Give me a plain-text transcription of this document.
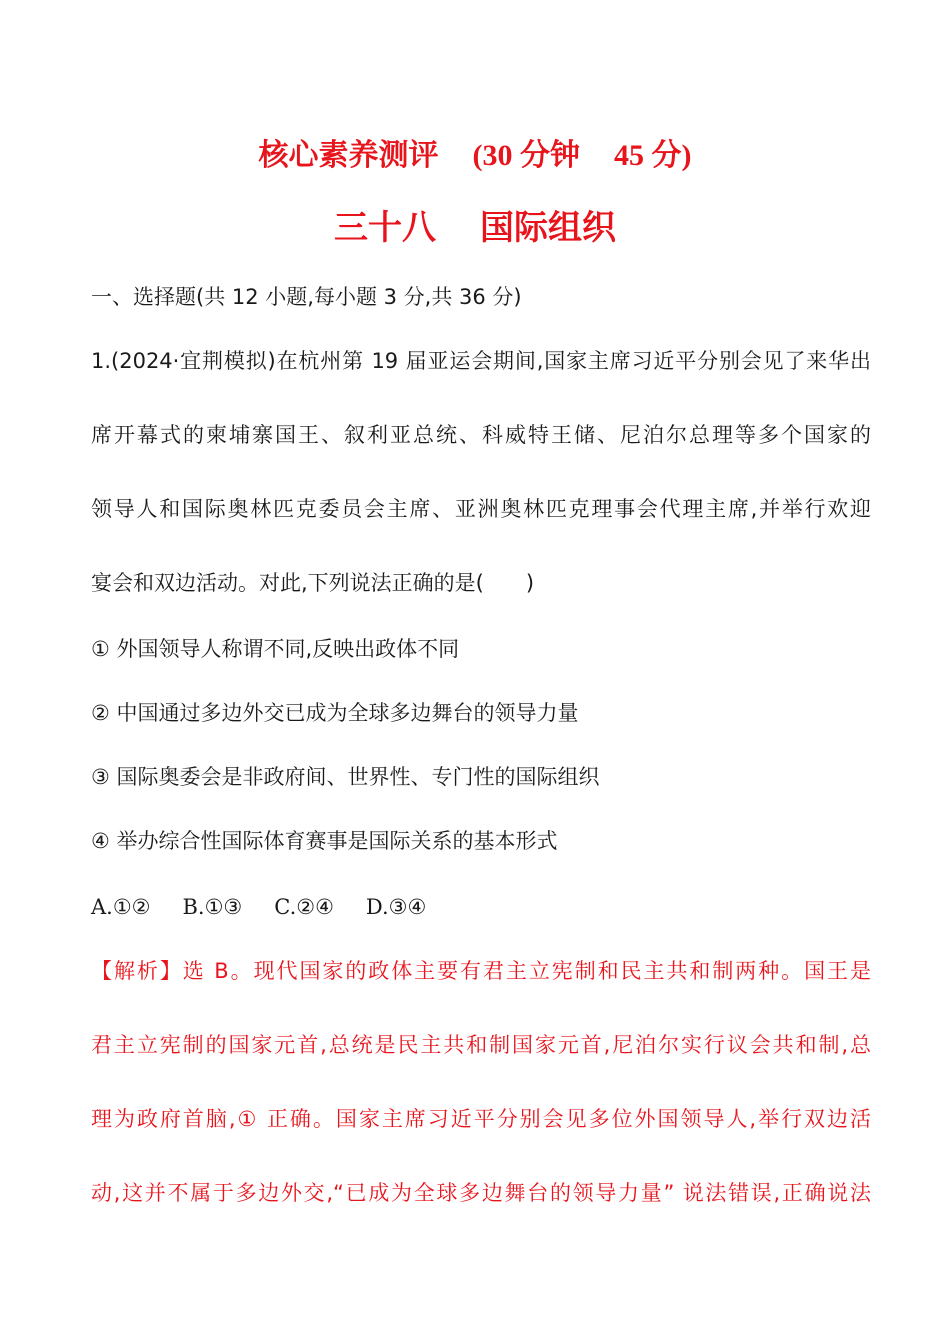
核心素养测评 (30 分钟 45 分)
三十八 国际组织
一、选择题(共 12 小题,每小题 3 分,共 36 分)
1.(2024·宜荆模拟)在杭州第 19 届亚运会期间,国家主席习近平分别会见了来华出
席开幕式的柬埔寨国王、叙利亚总统、科威特王储、尼泊尔总理等多个国家的
领导人和国际奥林匹克委员会主席、亚洲奥林匹克理事会代理主席,并举行欢迎
宴会和双边活动。对此,下列说法正确的是(　　)
① 外国领导人称谓不同,反映出政体不同
② 中国通过多边外交已成为全球多边舞台的领导力量
③ 国际奥委会是非政府间、世界性、专门性的国际组织
④ 举办综合性国际体育赛事是国际关系的基本形式
A.①② B.①③ C.②④ D.③④
【解析】选 B。现代国家的政体主要有君主立宪制和民主共和制两种。国王是
君主立宪制的国家元首,总统是民主共和制国家元首,尼泊尔实行议会共和制,总
理为政府首脑,① 正确。国家主席习近平分别会见多位外国领导人,举行双边活
动,这并不属于多边外交,“已成为全球多边舞台的领导力量” 说法错误,正确说法
